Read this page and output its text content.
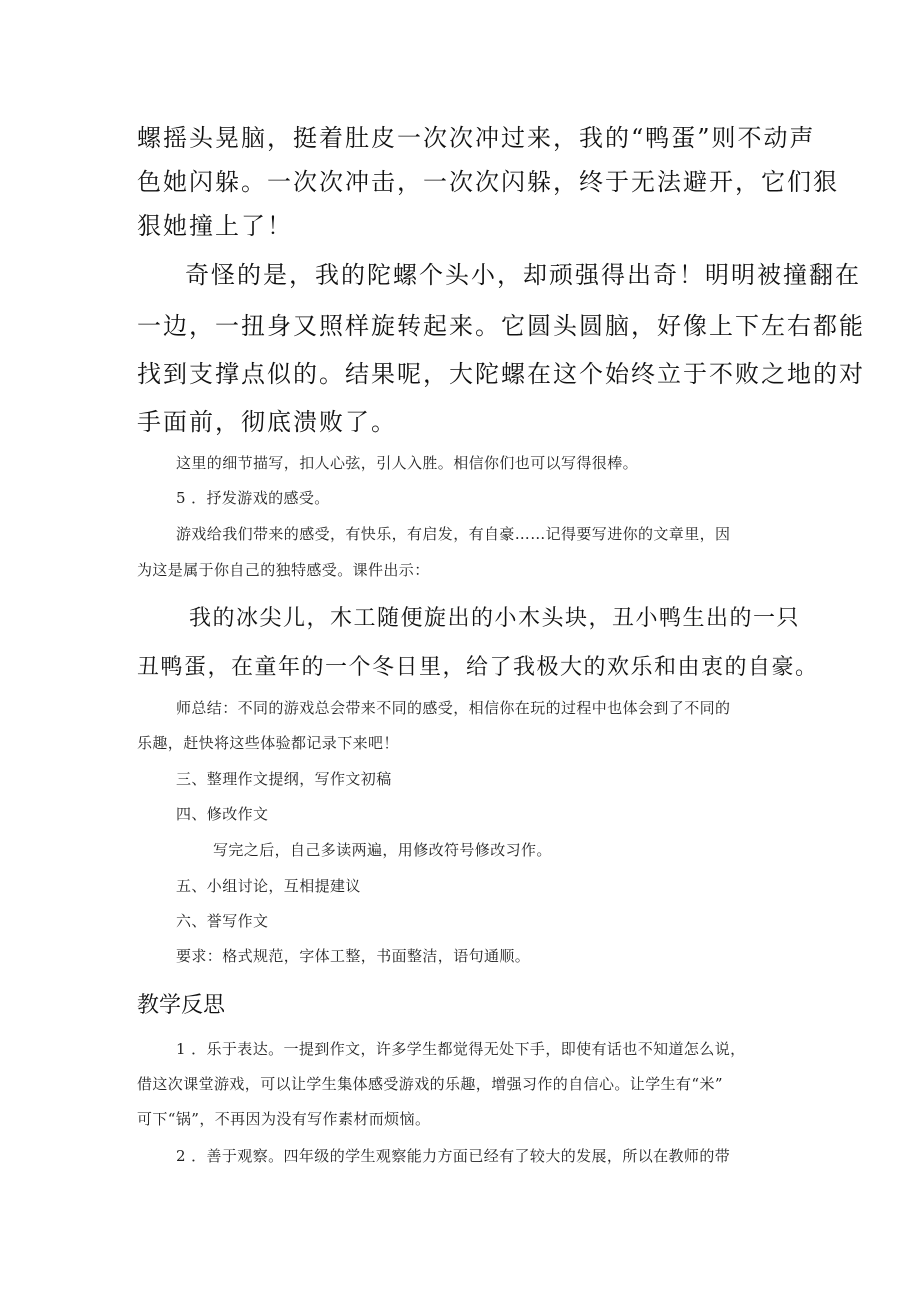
螺摇头晃脑，挺着肚皮一次次冲过来，我的“鸭蛋”则不动声

色她闪躲。一次次冲击，一次次闪躲，终于无法避开，它们狠

狠她撞上了！

奇怪的是，我的陀螺个头小，却顽强得出奇！明明被撞翻在

一边，一扭身又照样旋转起来。它圆头圆脑，好像上下左右都能

找到支撑点似的。结果呢，大陀螺在这个始终立于不败之地的对

手面前，彻底溃败了。

这里的细节描写，扣人心弦，引人入胜。相信你们也可以写得很棒。

5 ．抒发游戏的感受。

游戏给我们带来的感受，有快乐，有启发，有自豪……记得要写进你的文章里，因

为这是属于你自己的独特感受。课件出示：

我的冰尖儿，木工随便旋出的小木头块，丑小鸭生出的一只

丑鸭蛋，在童年的一个冬日里，给了我极大的欢乐和由衷的自豪。

师总结：不同的游戏总会带来不同的感受，相信你在玩的过程中也体会到了不同的

乐趣，赶快将这些体验都记录下来吧！

三、整理作文提纲，写作文初稿

四、修改作文

写完之后，自己多读两遍，用修改符号修改习作。

五、小组讨论，互相提建议

六、誉写作文

要求：格式规范，字体工整，书面整洁，语句通顺。

教学反思

1 ．乐于表达。一提到作文，许多学生都觉得无处下手，即使有话也不知道怎么说，

借这次课堂游戏，可以让学生集体感受游戏的乐趣，增强习作的自信心。让学生有“米”

可下“锅”，不再因为没有写作素材而烦恼。

2 ．善于观察。四年级的学生观察能力方面已经有了较大的发展，所以在教师的带
